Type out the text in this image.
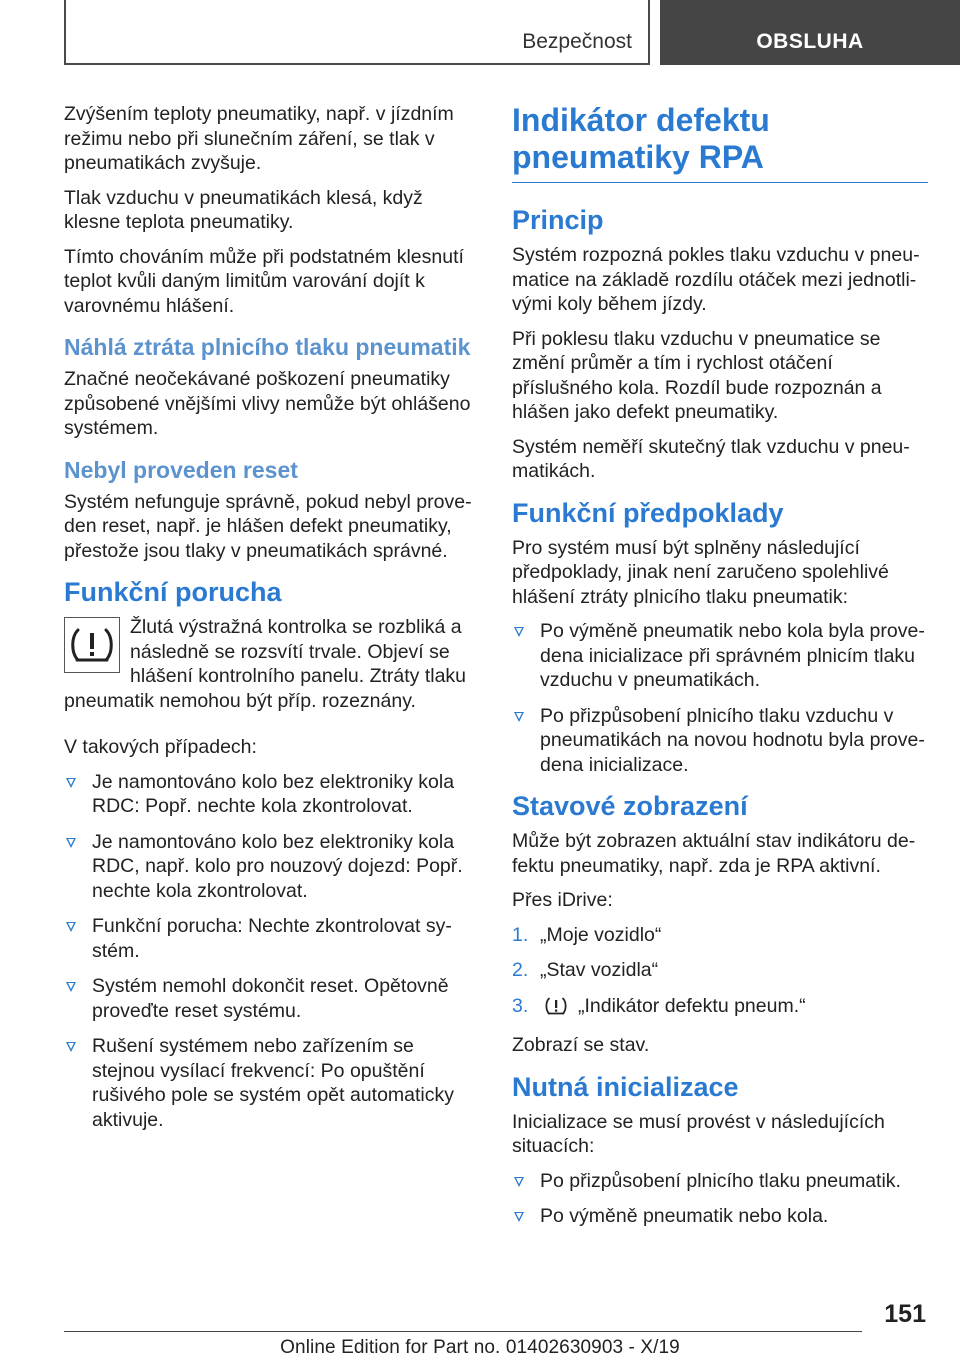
Bezpečnost	OBSLUHA

Zvýšením teploty pneumatiky, např. v jízdním režimu nebo při slunečním záření, se tlak v pneumatikách zvyšuje.

Tlak vzduchu v pneumatikách klesá, když klesne teplota pneumatiky.

Tímto chováním může při podstatném klesnutí teplot kvůli daným limitům varování dojít k varovnému hlášení.

Náhlá ztráta plnicího tlaku pneumatik

Značné neočekávané poškození pneumatiky způsobené vnějšími vlivy nemůže být ohlášeno systémem.

Nebyl proveden reset

Systém nefunguje správně, pokud nebyl proveden reset, např. je hlášen defekt pneumatiky, přestože jsou tlaky v pneumatikách správné.

Funkční porucha

Žlutá výstražná kontrolka se rozbliká a následně se rozsvítí trvale. Objeví se hlášení kontrolního panelu. Ztráty tlaku pneumatik nemohou být příp. rozeznány.

V takových případech:

Je namontováno kolo bez elektroniky kola RDC: Popř. nechte kola zkontrolovat.
Je namontováno kolo bez elektroniky kola RDC, např. kolo pro nouzový dojezd: Popř. nechte kola zkontrolovat.
Funkční porucha: Nechte zkontrolovat systém.
Systém nemohl dokončit reset. Opětovně proveďte reset systému.
Rušení systémem nebo zařízením se stejnou vysílací frekvencí: Po opuštění rušivého pole se systém opět automaticky aktivuje.
Indikátor defektu pneumatiky RPA
Princip

Systém rozpozná pokles tlaku vzduchu v pneumatice na základě rozdílu otáček mezi jednotlivými koly během jízdy.

Při poklesu tlaku vzduchu v pneumatice se změní průměr a tím i rychlost otáčení příslušného kola. Rozdíl bude rozpoznán a hlášen jako defekt pneumatiky.

Systém neměří skutečný tlak vzduchu v pneumatikách.

Funkční předpoklady

Pro systém musí být splněny následující předpoklady, jinak není zaručeno spolehlivé hlášení ztráty plnicího tlaku pneumatik:

Po výměně pneumatik nebo kola byla provedena inicializace při správném plnicím tlaku vzduchu v pneumatikách.
Po přizpůsobení plnicího tlaku vzduchu v pneumatikách na novou hodnotu byla provedena inicializace.
Stavové zobrazení

Může být zobrazen aktuální stav indikátoru defektu pneumatiky, např. zda je RPA aktivní.

Přes iDrive:

1. „Moje vozidlo“
2. „Stav vozidla“
3.	„Indikátor defektu pneum.“

Zobrazí se stav.

Nutná inicializace

Inicializace se musí provést v následujících situacích:

Po přizpůsobení plnicího tlaku pneumatik.
Po výměně pneumatik nebo kola.
151
Online Edition for Part no. 01402630903 - X/19
